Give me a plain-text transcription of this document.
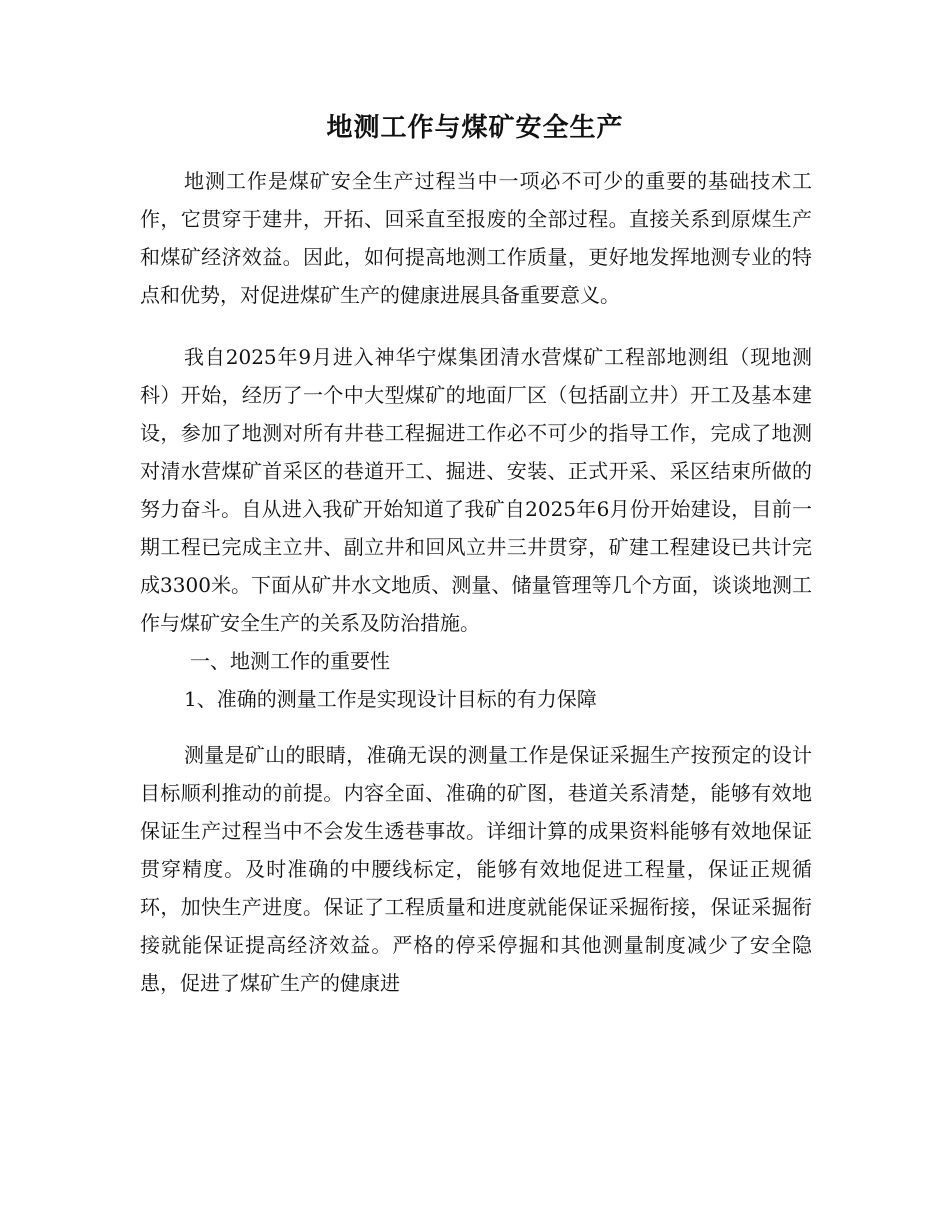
地测工作与煤矿安全生产

地测工作是煤矿安全生产过程当中一项必不可少的重要的基础技术工作，它贯穿于建井，开拓、回采直至报废的全部过程。直接关系到原煤生产和煤矿经济效益。因此，如何提高地测工作质量，更好地发挥地测专业的特点和优势，对促进煤矿生产的健康进展具备重要意义。

我自2025年9月进入神华宁煤集团清水营煤矿工程部地测组（现地测科）开始，经历了一个中大型煤矿的地面厂区（包括副立井）开工及基本建设，参加了地测对所有井巷工程掘进工作必不可少的指导工作，完成了地测对清水营煤矿首采区的巷道开工、掘进、安装、正式开采、采区结束所做的努力奋斗。自从进入我矿开始知道了我矿自2025年6月份开始建设，目前一期工程已完成主立井、副立井和回风立井三井贯穿，矿建工程建设已共计完成3300米。下面从矿井水文地质、测量、储量管理等几个方面，谈谈地测工作与煤矿安全生产的关系及防治措施。

一、地测工作的重要性

1、准确的测量工作是实现设计目标的有力保障

测量是矿山的眼睛，准确无误的测量工作是保证采掘生产按预定的设计目标顺利推动的前提。内容全面、准确的矿图，巷道关系清楚，能够有效地保证生产过程当中不会发生透巷事故。详细计算的成果资料能够有效地保证贯穿精度。及时准确的中腰线标定，能够有效地促进工程量，保证正规循环，加快生产进度。保证了工程质量和进度就能保证采掘衔接，保证采掘衔接就能保证提高经济效益。严格的停采停掘和其他测量制度减少了安全隐患，促进了煤矿生产的健康进
